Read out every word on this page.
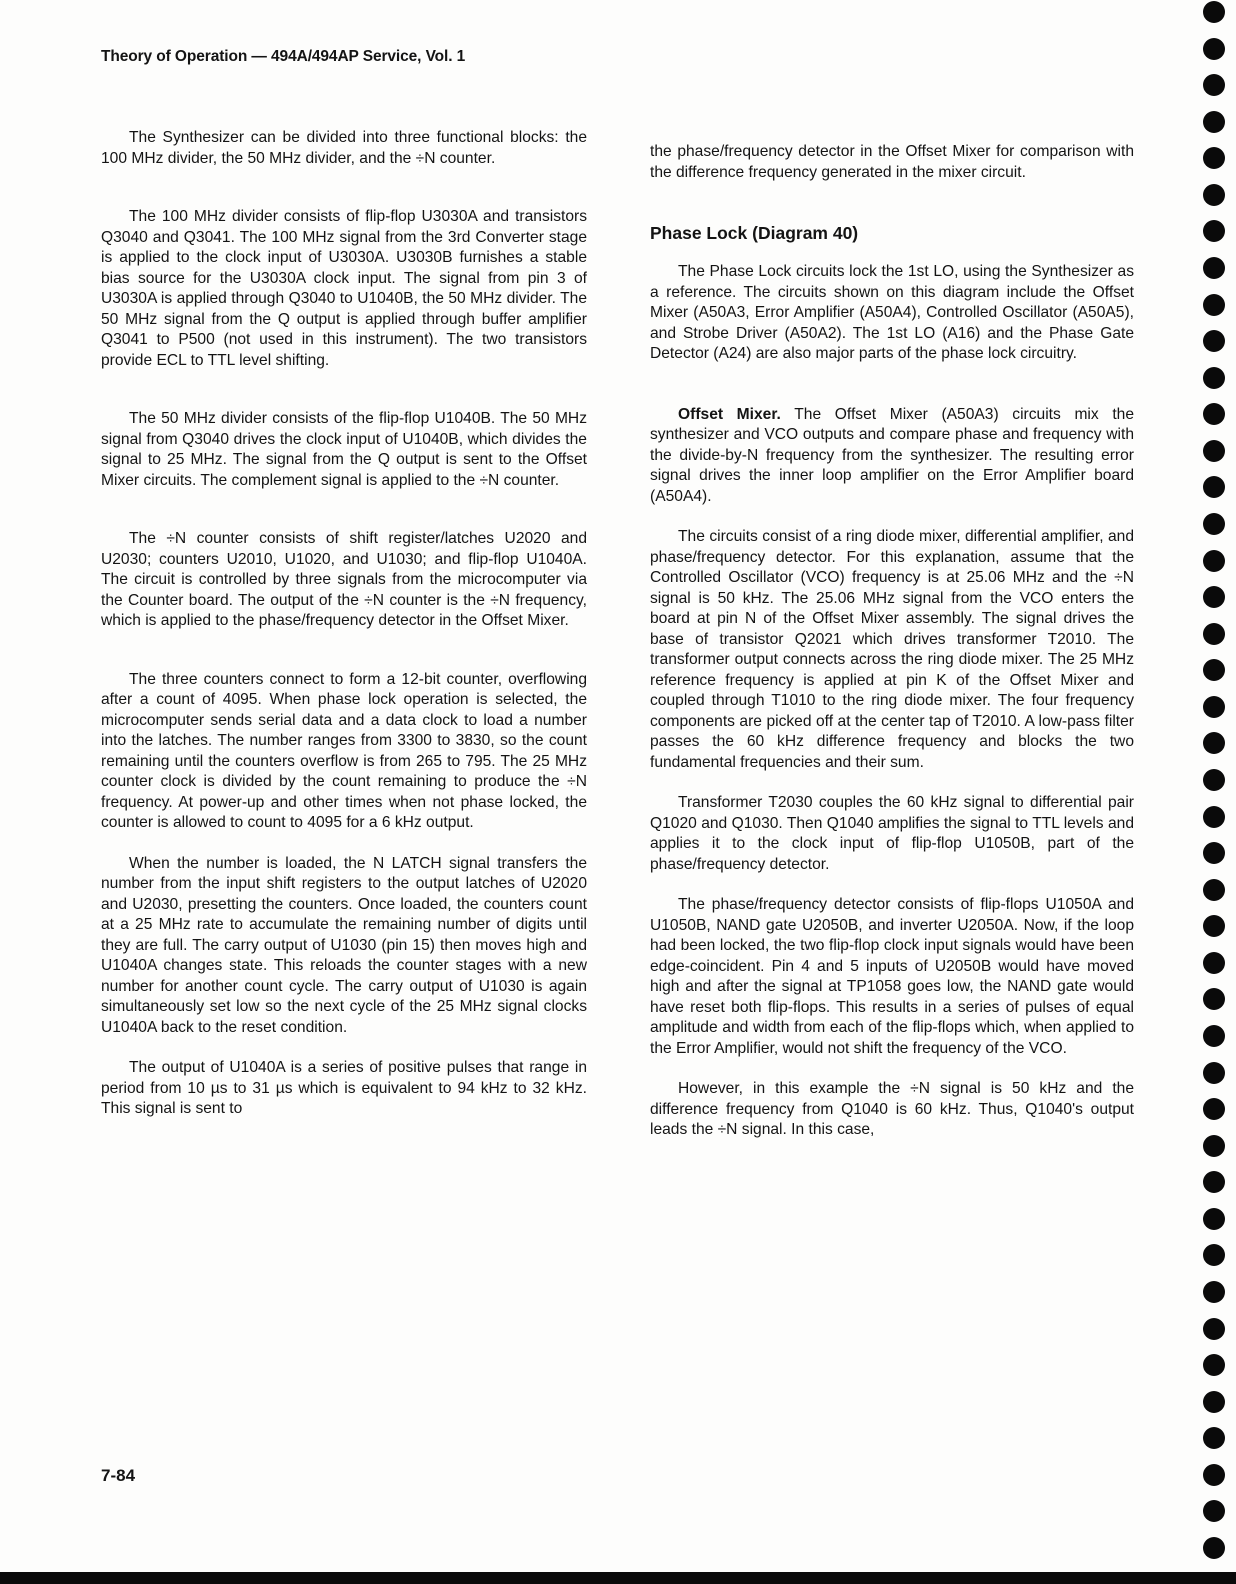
Theory of Operation — 494A/494AP Service, Vol. 1

The Synthesizer can be divided into three functional blocks: the 100 MHz divider, the 50 MHz divider, and the ÷N counter.

The 100 MHz divider consists of flip-flop U3030A and transistors Q3040 and Q3041. The 100 MHz signal from the 3rd Converter stage is applied to the clock input of U3030A. U3030B furnishes a stable bias source for the U3030A clock input. The signal from pin 3 of U3030A is applied through Q3040 to U1040B, the 50 MHz divider. The 50 MHz signal from the Q output is applied through buffer amplifier Q3041 to P500 (not used in this instrument). The two transistors provide ECL to TTL level shifting.

The 50 MHz divider consists of the flip-flop U1040B. The 50 MHz signal from Q3040 drives the clock input of U1040B, which divides the signal to 25 MHz. The signal from the Q output is sent to the Offset Mixer circuits. The complement signal is applied to the ÷N counter.

The ÷N counter consists of shift register/latches U2020 and U2030; counters U2010, U1020, and U1030; and flip-flop U1040A. The circuit is controlled by three signals from the microcomputer via the Counter board. The output of the ÷N counter is the ÷N frequency, which is applied to the phase/frequency detector in the Offset Mixer.

The three counters connect to form a 12-bit counter, overflowing after a count of 4095. When phase lock operation is selected, the microcomputer sends serial data and a data clock to load a number into the latches. The number ranges from 3300 to 3830, so the count remaining until the counters overflow is from 265 to 795. The 25 MHz counter clock is divided by the count remaining to produce the ÷N frequency. At power-up and other times when not phase locked, the counter is allowed to count to 4095 for a 6 kHz output.

When the number is loaded, the N LATCH signal transfers the number from the input shift registers to the output latches of U2020 and U2030, presetting the counters. Once loaded, the counters count at a 25 MHz rate to accumulate the remaining number of digits until they are full. The carry output of U1030 (pin 15) then moves high and U1040A changes state. This reloads the counter stages with a new number for another count cycle. The carry output of U1030 is again simultaneously set low so the next cycle of the 25 MHz signal clocks U1040A back to the reset condition.

The output of U1040A is a series of positive pulses that range in period from 10 µs to 31 µs which is equivalent to 94 kHz to 32 kHz. This signal is sent to

the phase/frequency detector in the Offset Mixer for comparison with the difference frequency generated in the mixer circuit.

Phase Lock (Diagram 40)

The Phase Lock circuits lock the 1st LO, using the Synthesizer as a reference. The circuits shown on this diagram include the Offset Mixer (A50A3, Error Amplifier (A50A4), Controlled Oscillator (A50A5), and Strobe Driver (A50A2). The 1st LO (A16) and the Phase Gate Detector (A24) are also major parts of the phase lock circuitry.

Offset Mixer. The Offset Mixer (A50A3) circuits mix the synthesizer and VCO outputs and compare phase and frequency with the divide-by-N frequency from the synthesizer. The resulting error signal drives the inner loop amplifier on the Error Amplifier board (A50A4).

The circuits consist of a ring diode mixer, differential amplifier, and phase/frequency detector. For this explanation, assume that the Controlled Oscillator (VCO) frequency is at 25.06 MHz and the ÷N signal is 50 kHz. The 25.06 MHz signal from the VCO enters the board at pin N of the Offset Mixer assembly. The signal drives the base of transistor Q2021 which drives transformer T2010. The transformer output connects across the ring diode mixer. The 25 MHz reference frequency is applied at pin K of the Offset Mixer and coupled through T1010 to the ring diode mixer. The four frequency components are picked off at the center tap of T2010. A low-pass filter passes the 60 kHz difference frequency and blocks the two fundamental frequencies and their sum.

Transformer T2030 couples the 60 kHz signal to differential pair Q1020 and Q1030. Then Q1040 amplifies the signal to TTL levels and applies it to the clock input of flip-flop U1050B, part of the phase/frequency detector.

The phase/frequency detector consists of flip-flops U1050A and U1050B, NAND gate U2050B, and inverter U2050A. Now, if the loop had been locked, the two flip-flop clock input signals would have been edge-coincident. Pin 4 and 5 inputs of U2050B would have moved high and after the signal at TP1058 goes low, the NAND gate would have reset both flip-flops. This results in a series of pulses of equal amplitude and width from each of the flip-flops which, when applied to the Error Amplifier, would not shift the frequency of the VCO.

However, in this example the ÷N signal is 50 kHz and the difference frequency from Q1040 is 60 kHz. Thus, Q1040's output leads the ÷N signal. In this case,

7-84
